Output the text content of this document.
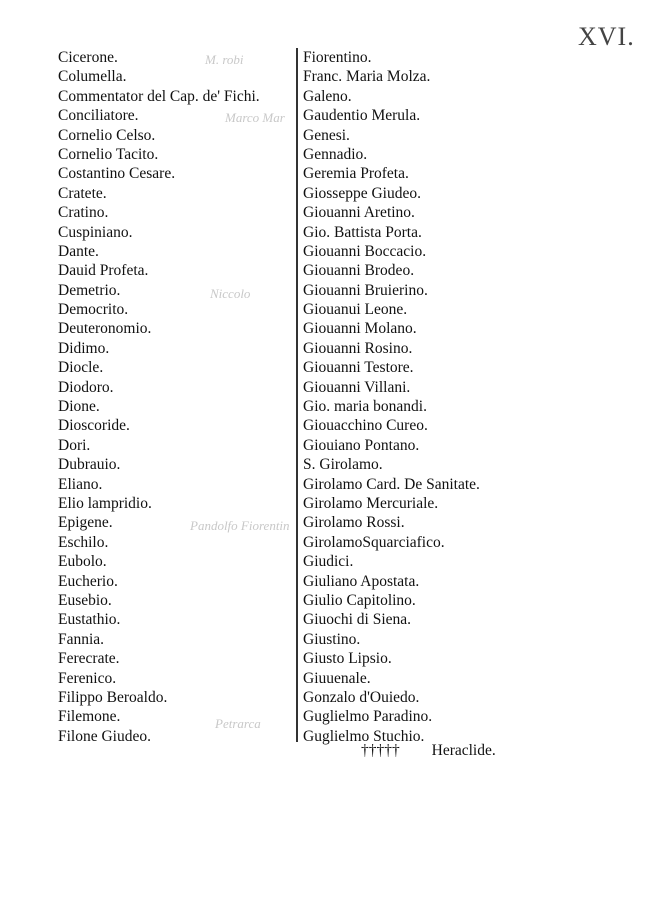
M. robi
Marco Mar
Niccolo
Pandolfo Fiorentin
Petrarca
XVI.
Cicerone.
Columella.
Commentator del Cap. de' Fichi.
Conciliatore.
Cornelio Celso.
Cornelio Tacito.
Costantino Cesare.
Cratete.
Cratino.
Cuspiniano.
Dante.
Dauid Profeta.
Demetrio.
Democrito.
Deuteronomio.
Didimo.
Diocle.
Diodoro.
Dione.
Dioscoride.
Dori.
Dubrauio.
Eliano.
Elio lampridio.
Epigene.
Eschilo.
Eubolo.
Eucherio.
Eusebio.
Eustathio.
Fannia.
Ferecrate.
Ferenico.
Filippo Beroaldo.
Filemone.
Filone Giudeo.
Fiorentino.
Franc. Maria Molza.
Galeno.
Gaudentio Merula.
Genesi.
Gennadio.
Geremia Profeta.
Giosseppe Giudeo.
Giouanni Aretino.
Gio. Battista Porta.
Giouanni Boccacio.
Giouanni Brodeo.
Giouanni Bruierino.
Giouanui Leone.
Giouanni Molano.
Giouanni Rosino.
Giouanni Testore.
Giouanni Villani.
Gio. maria bonandi.
Giouacchino Cureo.
Giouiano Pontano.
S. Girolamo.
Girolamo Card. De Sanitate.
Girolamo Mercuriale.
Girolamo Rossi.
GirolamoSquarciafico.
Giudici.
Giuliano Apostata.
Giulio Capitolino.
Giuochi di Siena.
Giustino.
Giusto Lipsio.
Giuuenale.
Gonzalo d'Ouiedo.
Guglielmo Paradino.
Guglielmo Stuchio.
††††† Heraclide.
